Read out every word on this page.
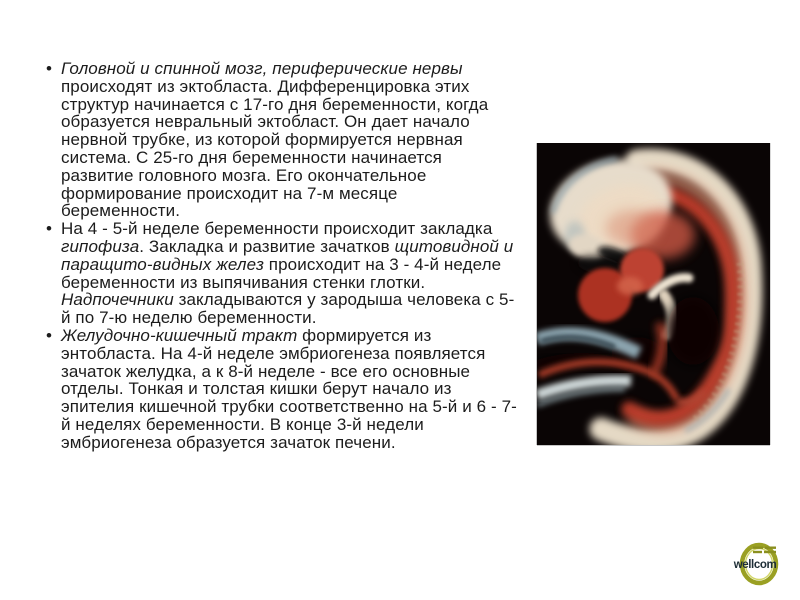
• Головной и спинной мозг, периферические нервы происходят из эктобласта. Дифференцировка этих структур начинается с 17-го дня беременности, когда образуется невральный эктобласт. Он дает начало нервной трубке, из которой формируется нервная система. С 25-го дня беременности начинается развитие головного мозга. Его окончательное формирование происходит на 7-м месяце беременности.
• На 4 - 5-й неделе беременности происходит закладка гипофиза. Закладка и развитие зачатков щитовидной и паращито-видных желез происходит на 3 - 4-й неделе беременности из выпячивания стенки глотки. Надпочечники закладываются у зародыша человека с 5-й по 7-ю неделю беременности.
• Желудочно-кишечный тракт формируется из энтобласта. На 4-й неделе эмбриогенеза появляется зачаток желудка, а к 8-й неделе - все его основные отделы. Тонкая и толстая кишки берут начало из эпителия кишечной трубки соответственно на 5-й и 6 - 7-й неделях беременности. В конце 3-й недели эмбриогенеза образуется зачаток печени.
wellcom
